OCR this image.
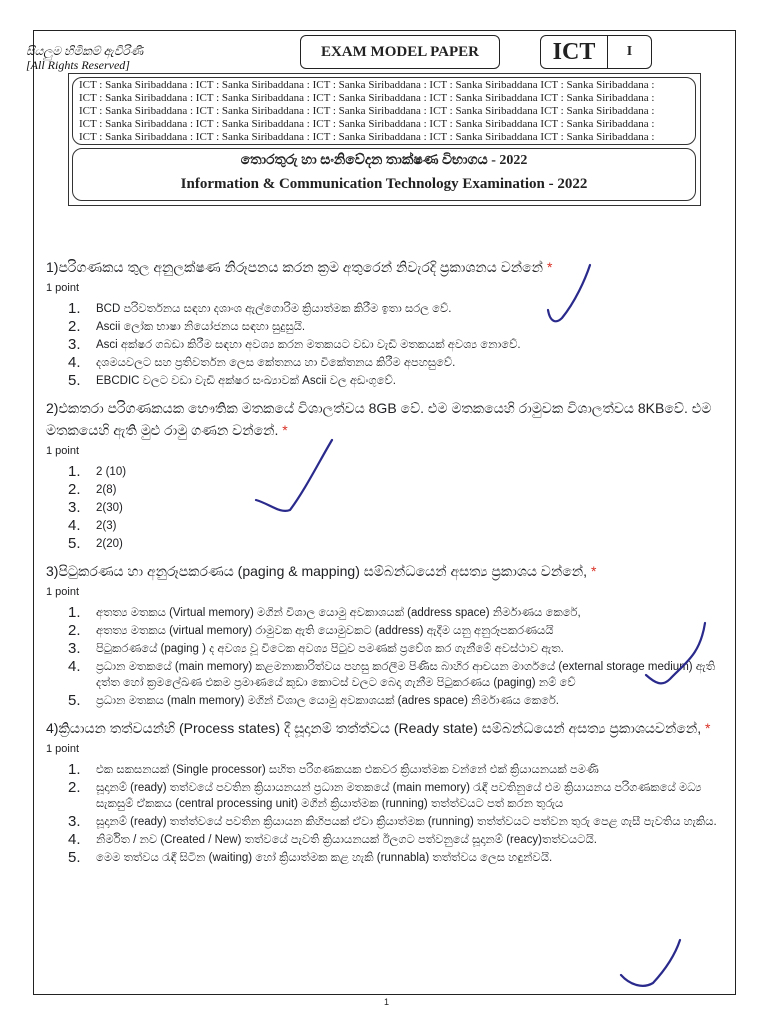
සියලුම හිමිකම් ඇවිරිණි
[All Rights Reserved]
ICT : Sanka Siribaddana : ICT : Sanka Siribaddana : ICT : Sanka Siribaddana : ICT : Sanka Siribaddana ICT : Sanka Siribaddana :
ICT : Sanka Siribaddana : ICT : Sanka Siribaddana : ICT : Sanka Siribaddana : ICT : Sanka Siribaddana ICT : Sanka Siribaddana :
ICT : Sanka Siribaddana : ICT : Sanka Siribaddana : ICT : Sanka Siribaddana : ICT : Sanka Siribaddana ICT : Sanka Siribaddana :
ICT : Sanka Siribaddana : ICT : Sanka Siribaddana : ICT : Sanka Siribaddana : ICT : Sanka Siribaddana ICT : Sanka Siribaddana :
ICT : Sanka Siribaddana : ICT : Sanka Siribaddana : ICT : Sanka Siribaddana : ICT : Sanka Siribaddana ICT : Sanka Siribaddana :
EXAM MODEL PAPER	ICT	I
තොරතුරු හා සංනිවේදන තාක්ෂණ විභාගය - 2022
Information & Communication Technology Examination - 2022
1)පරිගණකය තුල අනුලක්ෂණ නිරූපනය කරන ක්‍රම අතුරෙන් නිවැරදි ප්‍රකාශනය වන්නේ *
1 point
1.	BCD පරිවර්තනය සඳහා දශාංශ ඇල්ගොරිම ක්‍රියාත්මක කිරීම ඉතා සරල වේ.
2.	Ascii ලෝක භාෂා නියෝජනය සඳහා සුදුසුයි.
3.	Asci අක්ෂර ගබඩා කිරීම සඳහා අවශ්‍ය කරන මතකයට වඩා වැඩි මතකයක් අවශ්‍ය නොවේ.
4.	දශමයවලට සහ ප්‍රතිවර්තන ලෙස කේතනය හා විකේතනය කිරීම අපහසුවේ.
5.	EBCDIC වලට වඩා වැඩි අක්ෂර සංඛ්‍යාවක් Ascii වල අඩංගුවේ.
2)එකතරා පරිගණකයක භෞතික මතකයේ විශාලත්වය 8GB වේ. එම මතකයෙහි රාමුවක විශාලත්වය 8KBවේ. එම මතකයෙහි ඇති මුළු රාමු ගණන වන්නේ. *
1 point
1.	2 (10)
2.	2(8)
3.	2(30)
4.	2(3)
5.	2(20)
3)පිටුකරණය හා අනුරූපකරණය (paging & mapping) සම්බන්ධයෙන් අසත්‍ය ප්‍රකාශය වන්නේ, *
1 point
1.	අතත්‍ය මතකය (Virtual memory) මගින් විශාල යොමු අවකාශයක් (address space) නිර්මාණය කෙරේ,
2.	අතත්‍ය මතකය (virtual memory) රාමුවක ඇති යොමුවකට (address) ඇදීම යනු අනුරූපකරණයයි
3.	පිටුකරණයේ (paging ) ද අවශ්‍ය වූ විටෙක අවශ්‍ය පිටුව පමණක් ප්‍රවේශ කර ගැනීමේ අවස්ථාව ඇත.
4.	ප්‍රධාන මතකයේ (main memory) කළමනාකාරිත්වය පහසු කරලීම පිණිස බාහිර ආචයන මාර්ගයේ (external storage medium) ඇති දත්ත හෝ ක්‍රමලේඛණ එකම ප්‍රමාණයේ කුඩා කොටස් වලට බෙදා ගැනීම පිටුකරණය (paging) නම් වේ
5.	ප්‍රධාන මතකය (maln memory) මගින් විශාල යොමු අවකාශයක් (adres space) නිර්මාණය කෙරේ.
4)ක්‍රියායන තත්වයන්හි (Process states) දී සූදානම් තත්ත්වය (Ready state) සම්බන්ධයෙන් අසත්‍ය ප්‍රකාශයවන්නේ, *
1 point
1.	එක සකසනයක් (Single processor) සහිත පරිගණකයක එකවර ක්‍රියාත්මක වන්නේ එක් ක්‍රියායනයක් පමණි
2.	සූදානම් (ready) තත්වයේ පවතින ක්‍රියායනයන් ප්‍රධාන මතකයේ (main memory) රැඳී පවතිනුයේ එම ක්‍රියායනය පරිගණකයේ මධ්‍ය සැකසුම් ඒකකය (central processing unit) මගින් ක්‍රියාත්මක (running) තත්ත්වයට පත් කරන තුරුය
3.	සූදානම් (ready) තත්ත්වයේ පවතින ක්‍රියායන කිහිපයක් ඒවා ක්‍රියාත්මක (running) තත්ත්වයට පත්වන තුරු පෙළ ගැසී පැවතිය හැකිය.
4.	නිර්මිත / නව (Created / New) තත්වයේ පැවති ක්‍රියායනයක් ඊලගට පත්වනුයේ සූදානම් (reacy)තත්වයටයි.
5.	මෙම තත්වය රැඳී සිටින (waiting) හෝ ක්‍රියාත්මක කළ හැකි (runnabla) තත්ත්වය ලෙස හඳුන්වයි.
1
